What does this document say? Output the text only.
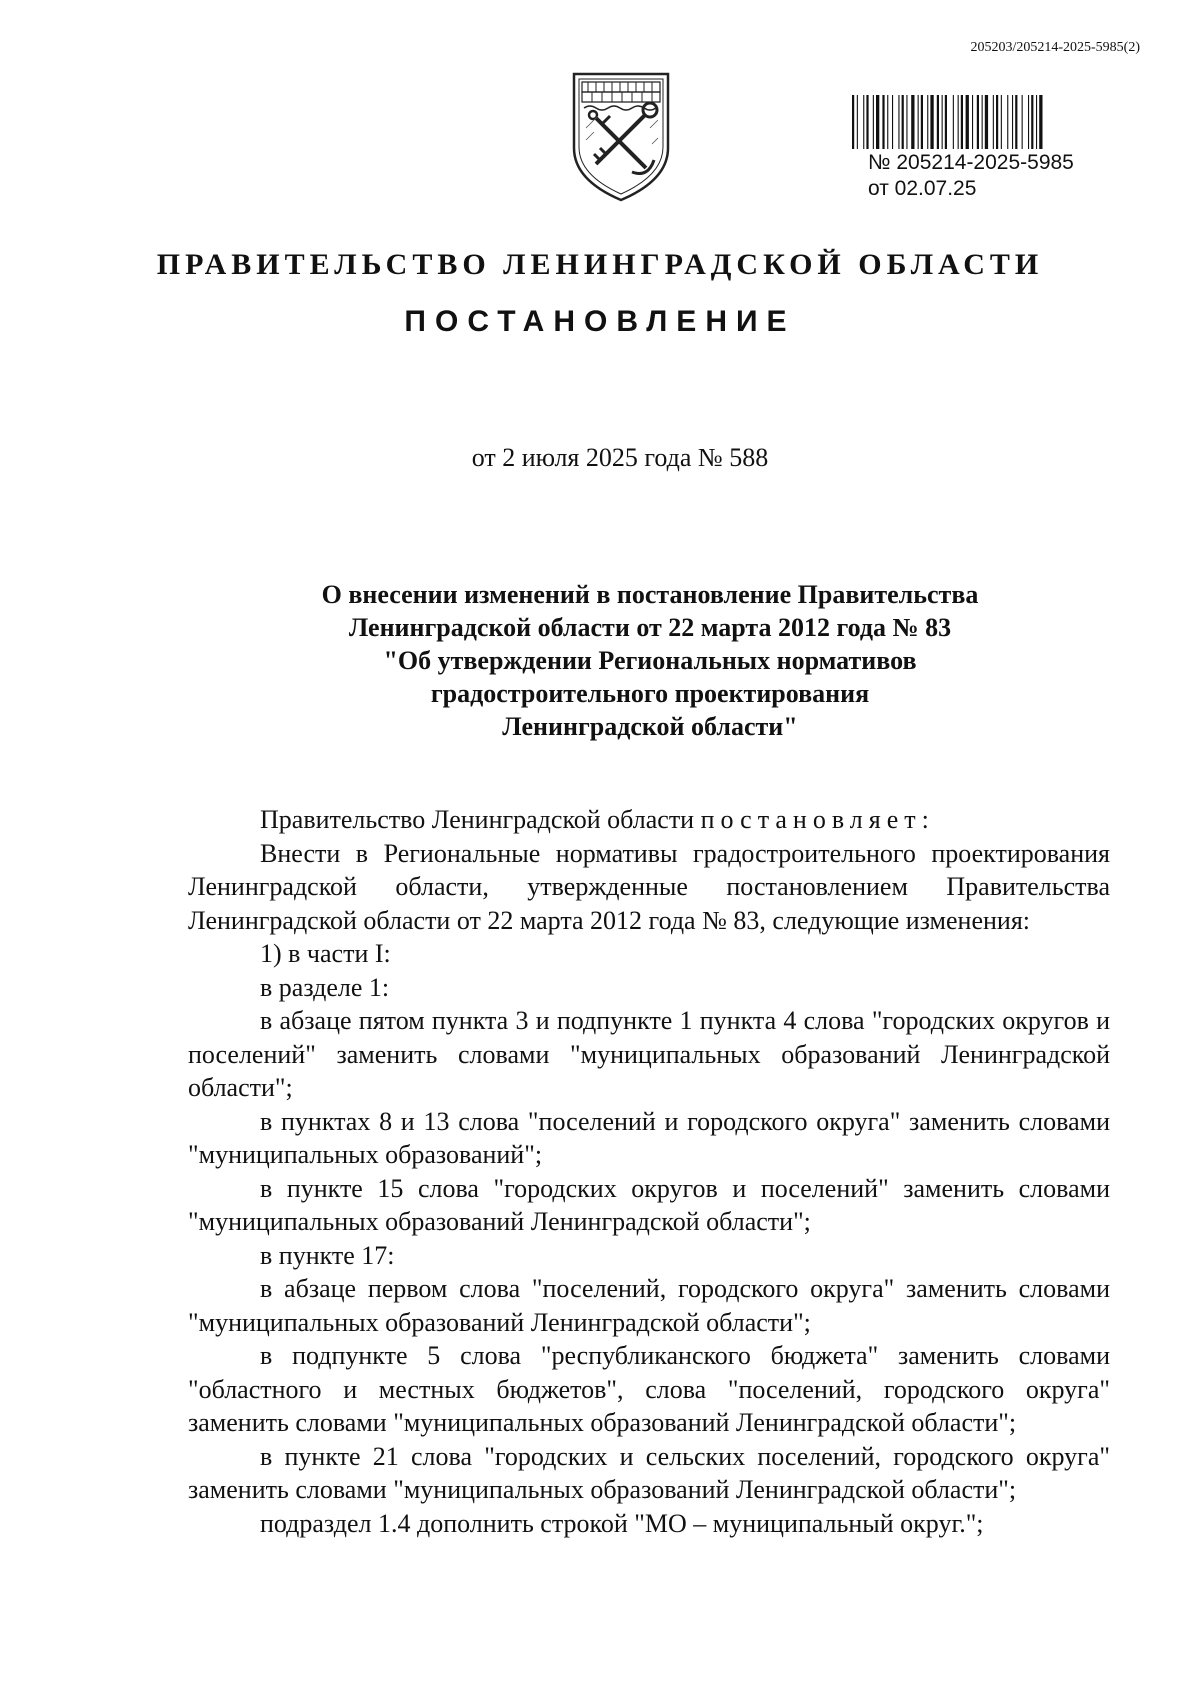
205203/205214-2025-5985(2)
№ 205214-2025-5985
от 02.07.25
ПРАВИТЕЛЬСТВО ЛЕНИНГРАДСКОЙ ОБЛАСТИ
ПОСТАНОВЛЕНИЕ
от 2 июля 2025 года № 588
О внесении изменений в постановление Правительства
Ленинградской области от 22 марта 2012 года № 83
"Об утверждении Региональных нормативов
градостроительного проектирования
Ленинградской области"

Правительство Ленинградской области постановляет:

Внести в Региональные нормативы градостроительного проектирования Ленинградской области, утвержденные постановлением Правительства Ленинградской области от 22 марта 2012 года № 83, следующие изменения:

1) в части I:

в разделе 1:

в абзаце пятом пункта 3 и подпункте 1 пункта 4 слова "городских округов и поселений" заменить словами "муниципальных образований Ленинградской области";

в пунктах 8 и 13 слова "поселений и городского округа" заменить словами "муниципальных образований";

в пункте 15 слова "городских округов и поселений" заменить словами "муниципальных образований Ленинградской области";

в пункте 17:

в абзаце первом слова "поселений, городского округа" заменить словами "муниципальных образований Ленинградской области";

в подпункте 5 слова "республиканского бюджета" заменить словами "областного и местных бюджетов", слова "поселений, городского округа" заменить словами "муниципальных образований Ленинградской области";

в пункте 21 слова "городских и сельских поселений, городского округа" заменить словами "муниципальных образований Ленинградской области";

подраздел 1.4 дополнить строкой "МО – муниципальный округ.";
